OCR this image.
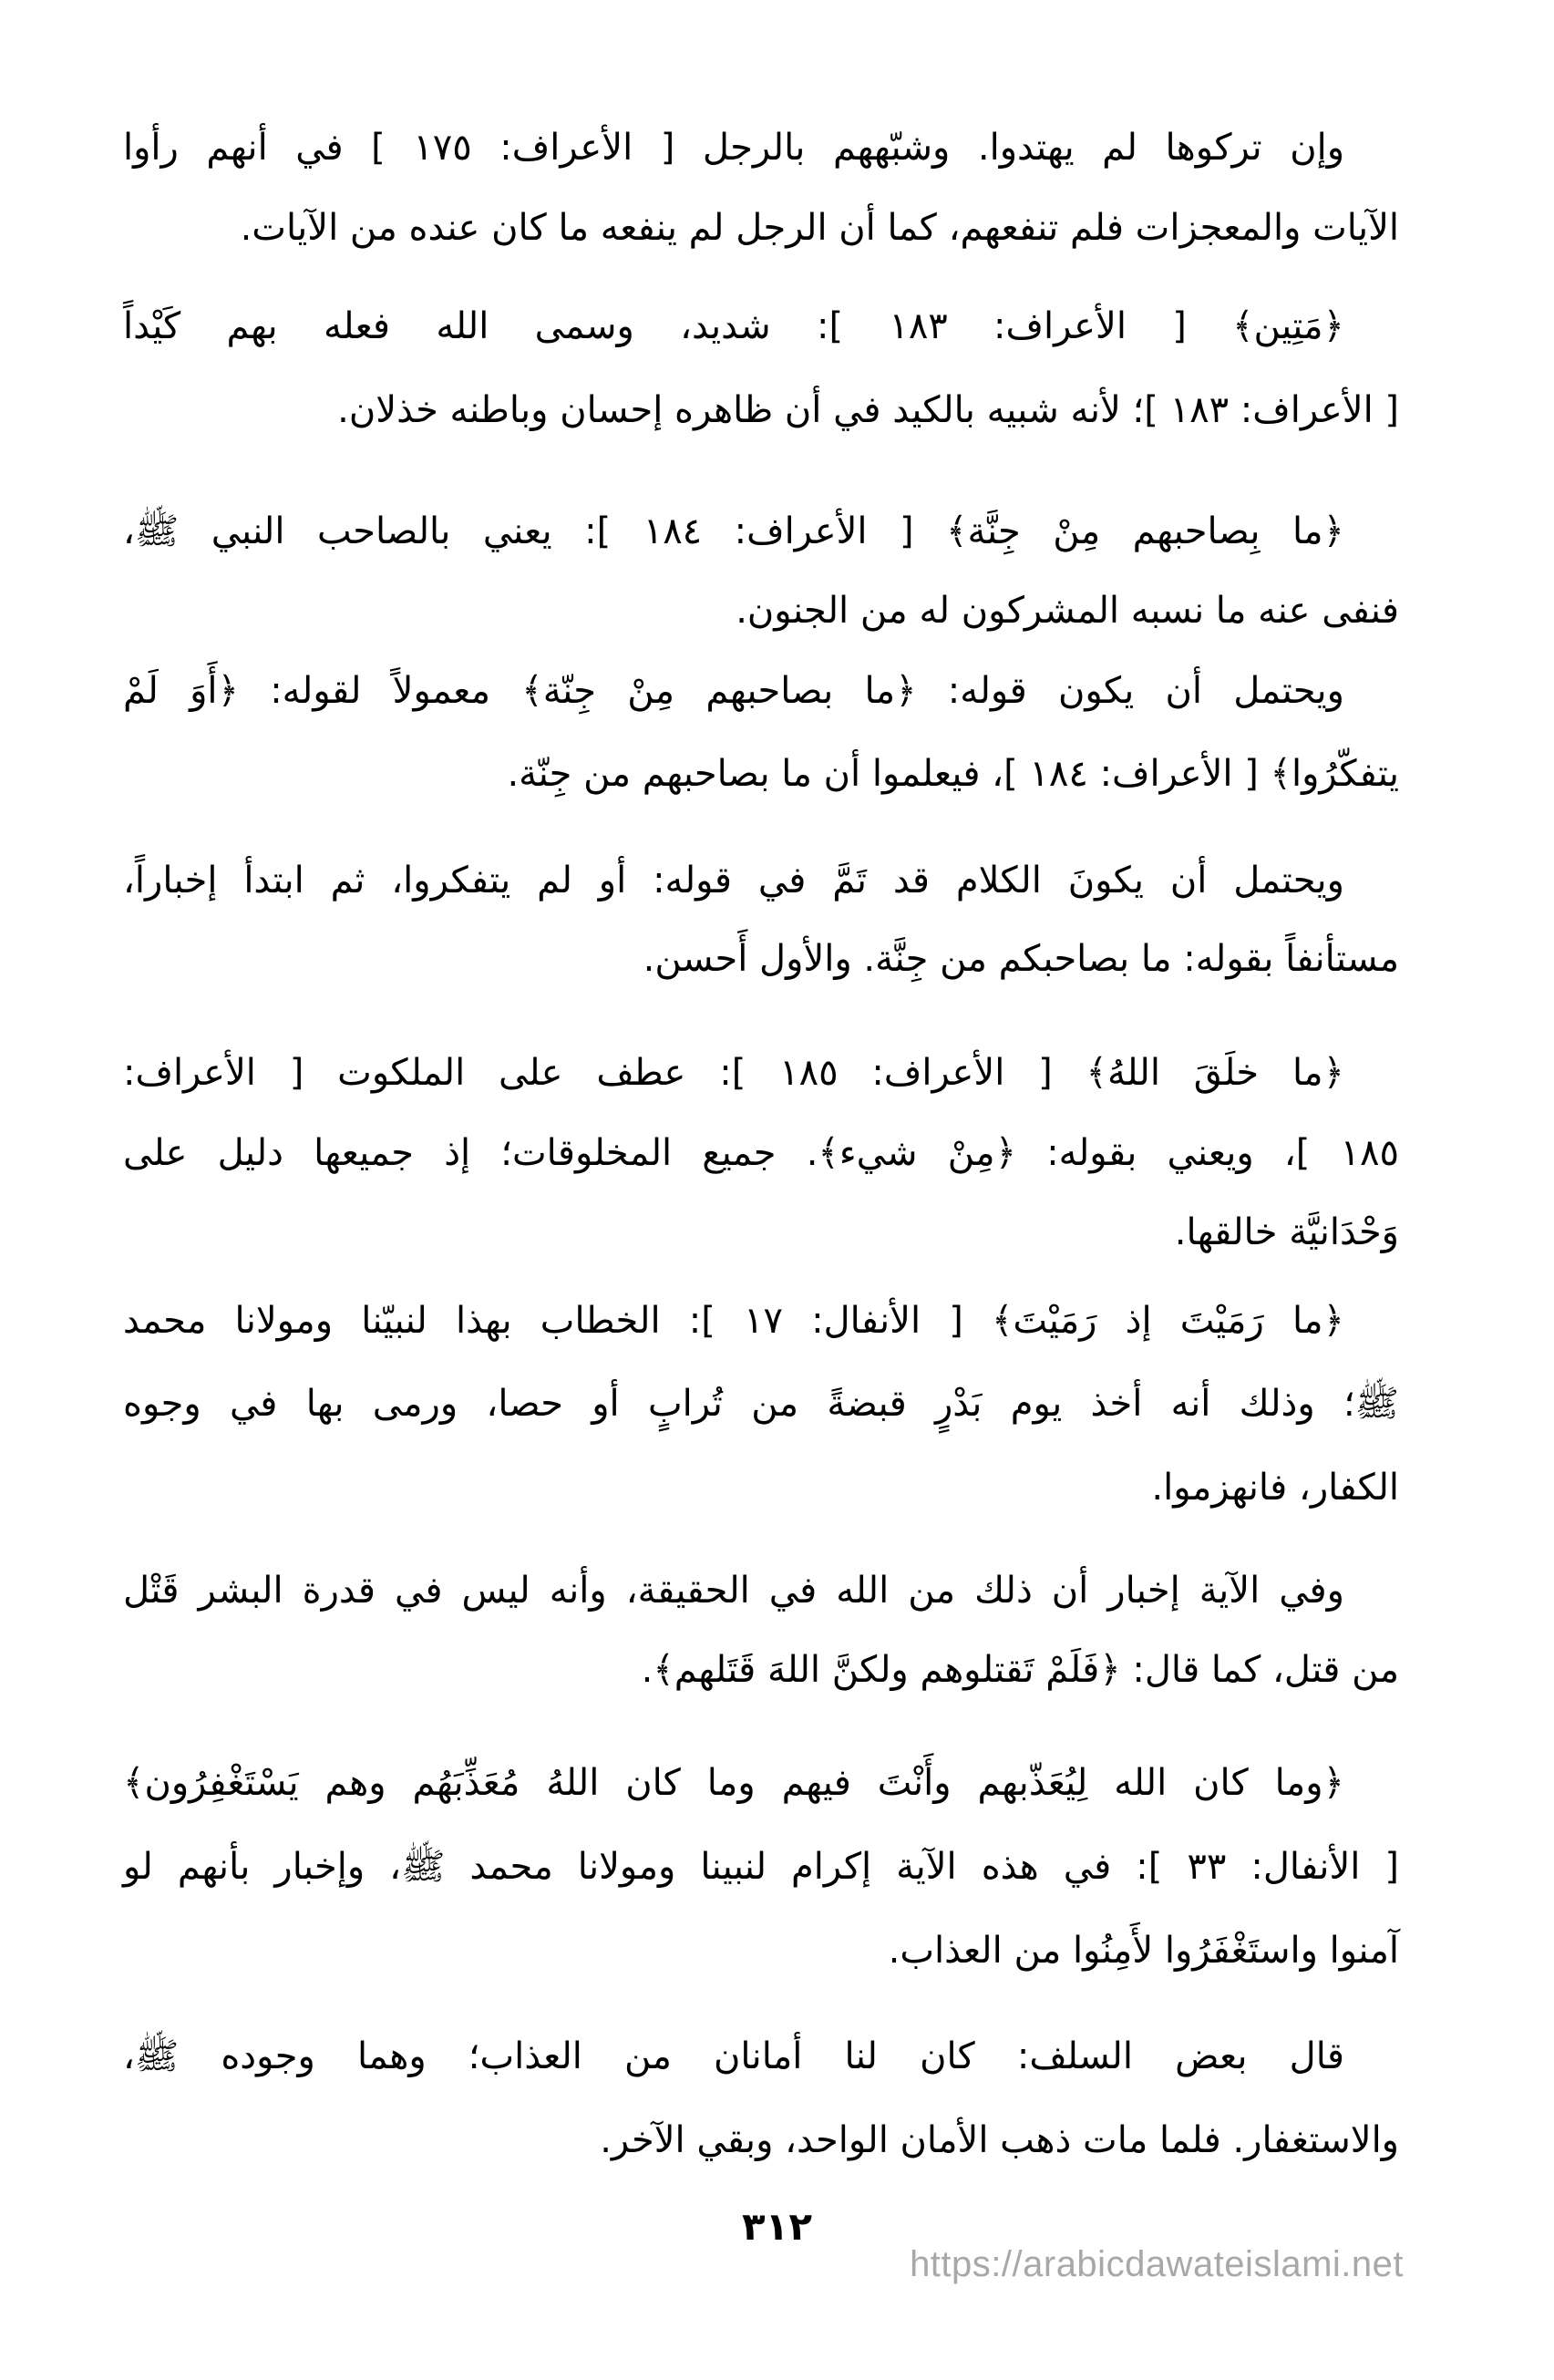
وإن تركوها لم يهتدوا. وشبّههم بالرجل [ الأعراف: ١٧٥ ] في أنهم رأوا
الآيات والمعجزات فلم تنفعهم، كما أن الرجل لم ينفعه ما كان عنده من الآيات.
﴿مَتِين﴾ [ الأعراف: ١٨٣ ]: شديد، وسمى الله فعله بهم كَيْداً
[ الأعراف: ١٨٣ ]؛ لأنه شبيه بالكيد في أن ظاهره إحسان وباطنه خذلان.
﴿ما بِصاحبهم مِنْ جِنَّة﴾ [ الأعراف: ١٨٤ ]: يعني بالصاحب النبي ﷺ،
فنفى عنه ما نسبه المشركون له من الجنون.
ويحتمل أن يكون قوله: ﴿ما بصاحبهم مِنْ جِنّة﴾ معمولاً لقوله: ﴿أَوَ لَمْ
يتفكّرُوا﴾ [ الأعراف: ١٨٤ ]، فيعلموا أن ما بصاحبهم من جِنّة.
ويحتمل أن يكونَ الكلام قد تَمَّ في قوله: أو لم يتفكروا، ثم ابتدأ إخباراً،
مستأنفاً بقوله: ما بصاحبكم من جِنَّة. والأول أَحسن.
﴿ما خلَقَ اللهُ﴾ [ الأعراف: ١٨٥ ]: عطف على الملكوت [ الأعراف:
١٨٥ ]، ويعني بقوله: ﴿مِنْ شيء﴾. جميع المخلوقات؛ إذ جميعها دليل على
وَحْدَانيَّة خالقها.
﴿ما رَمَيْتَ إذ رَمَيْتَ﴾ [ الأنفال: ١٧ ]: الخطاب بهذا لنبيّنا ومولانا محمد
ﷺ؛ وذلك أنه أخذ يوم بَدْرٍ قبضةً من تُرابٍ أو حصا، ورمى بها في وجوه
الكفار، فانهزموا.
وفي الآية إخبار أن ذلك من الله في الحقيقة، وأنه ليس في قدرة البشر قَتْل
من قتل، كما قال: ﴿فَلَمْ تَقتلوهم ولكنَّ اللهَ قَتَلهم﴾.
﴿وما كان الله لِيُعَذّبهم وأَنْتَ فيهم وما كان اللهُ مُعَذِّبَهُم وهم يَسْتَغْفِرُون﴾
[ الأنفال: ٣٣ ]: في هذه الآية إكرام لنبينا ومولانا محمد ﷺ، وإخبار بأنهم لو
آمنوا واستَغْفَرُوا لأَمِنُوا من العذاب.
قال بعض السلف: كان لنا أمانان من العذاب؛ وهما وجوده ﷺ،
والاستغفار. فلما مات ذهب الأمان الواحد، وبقي الآخر.
٣١٢
https://arabicdawateislami.net
